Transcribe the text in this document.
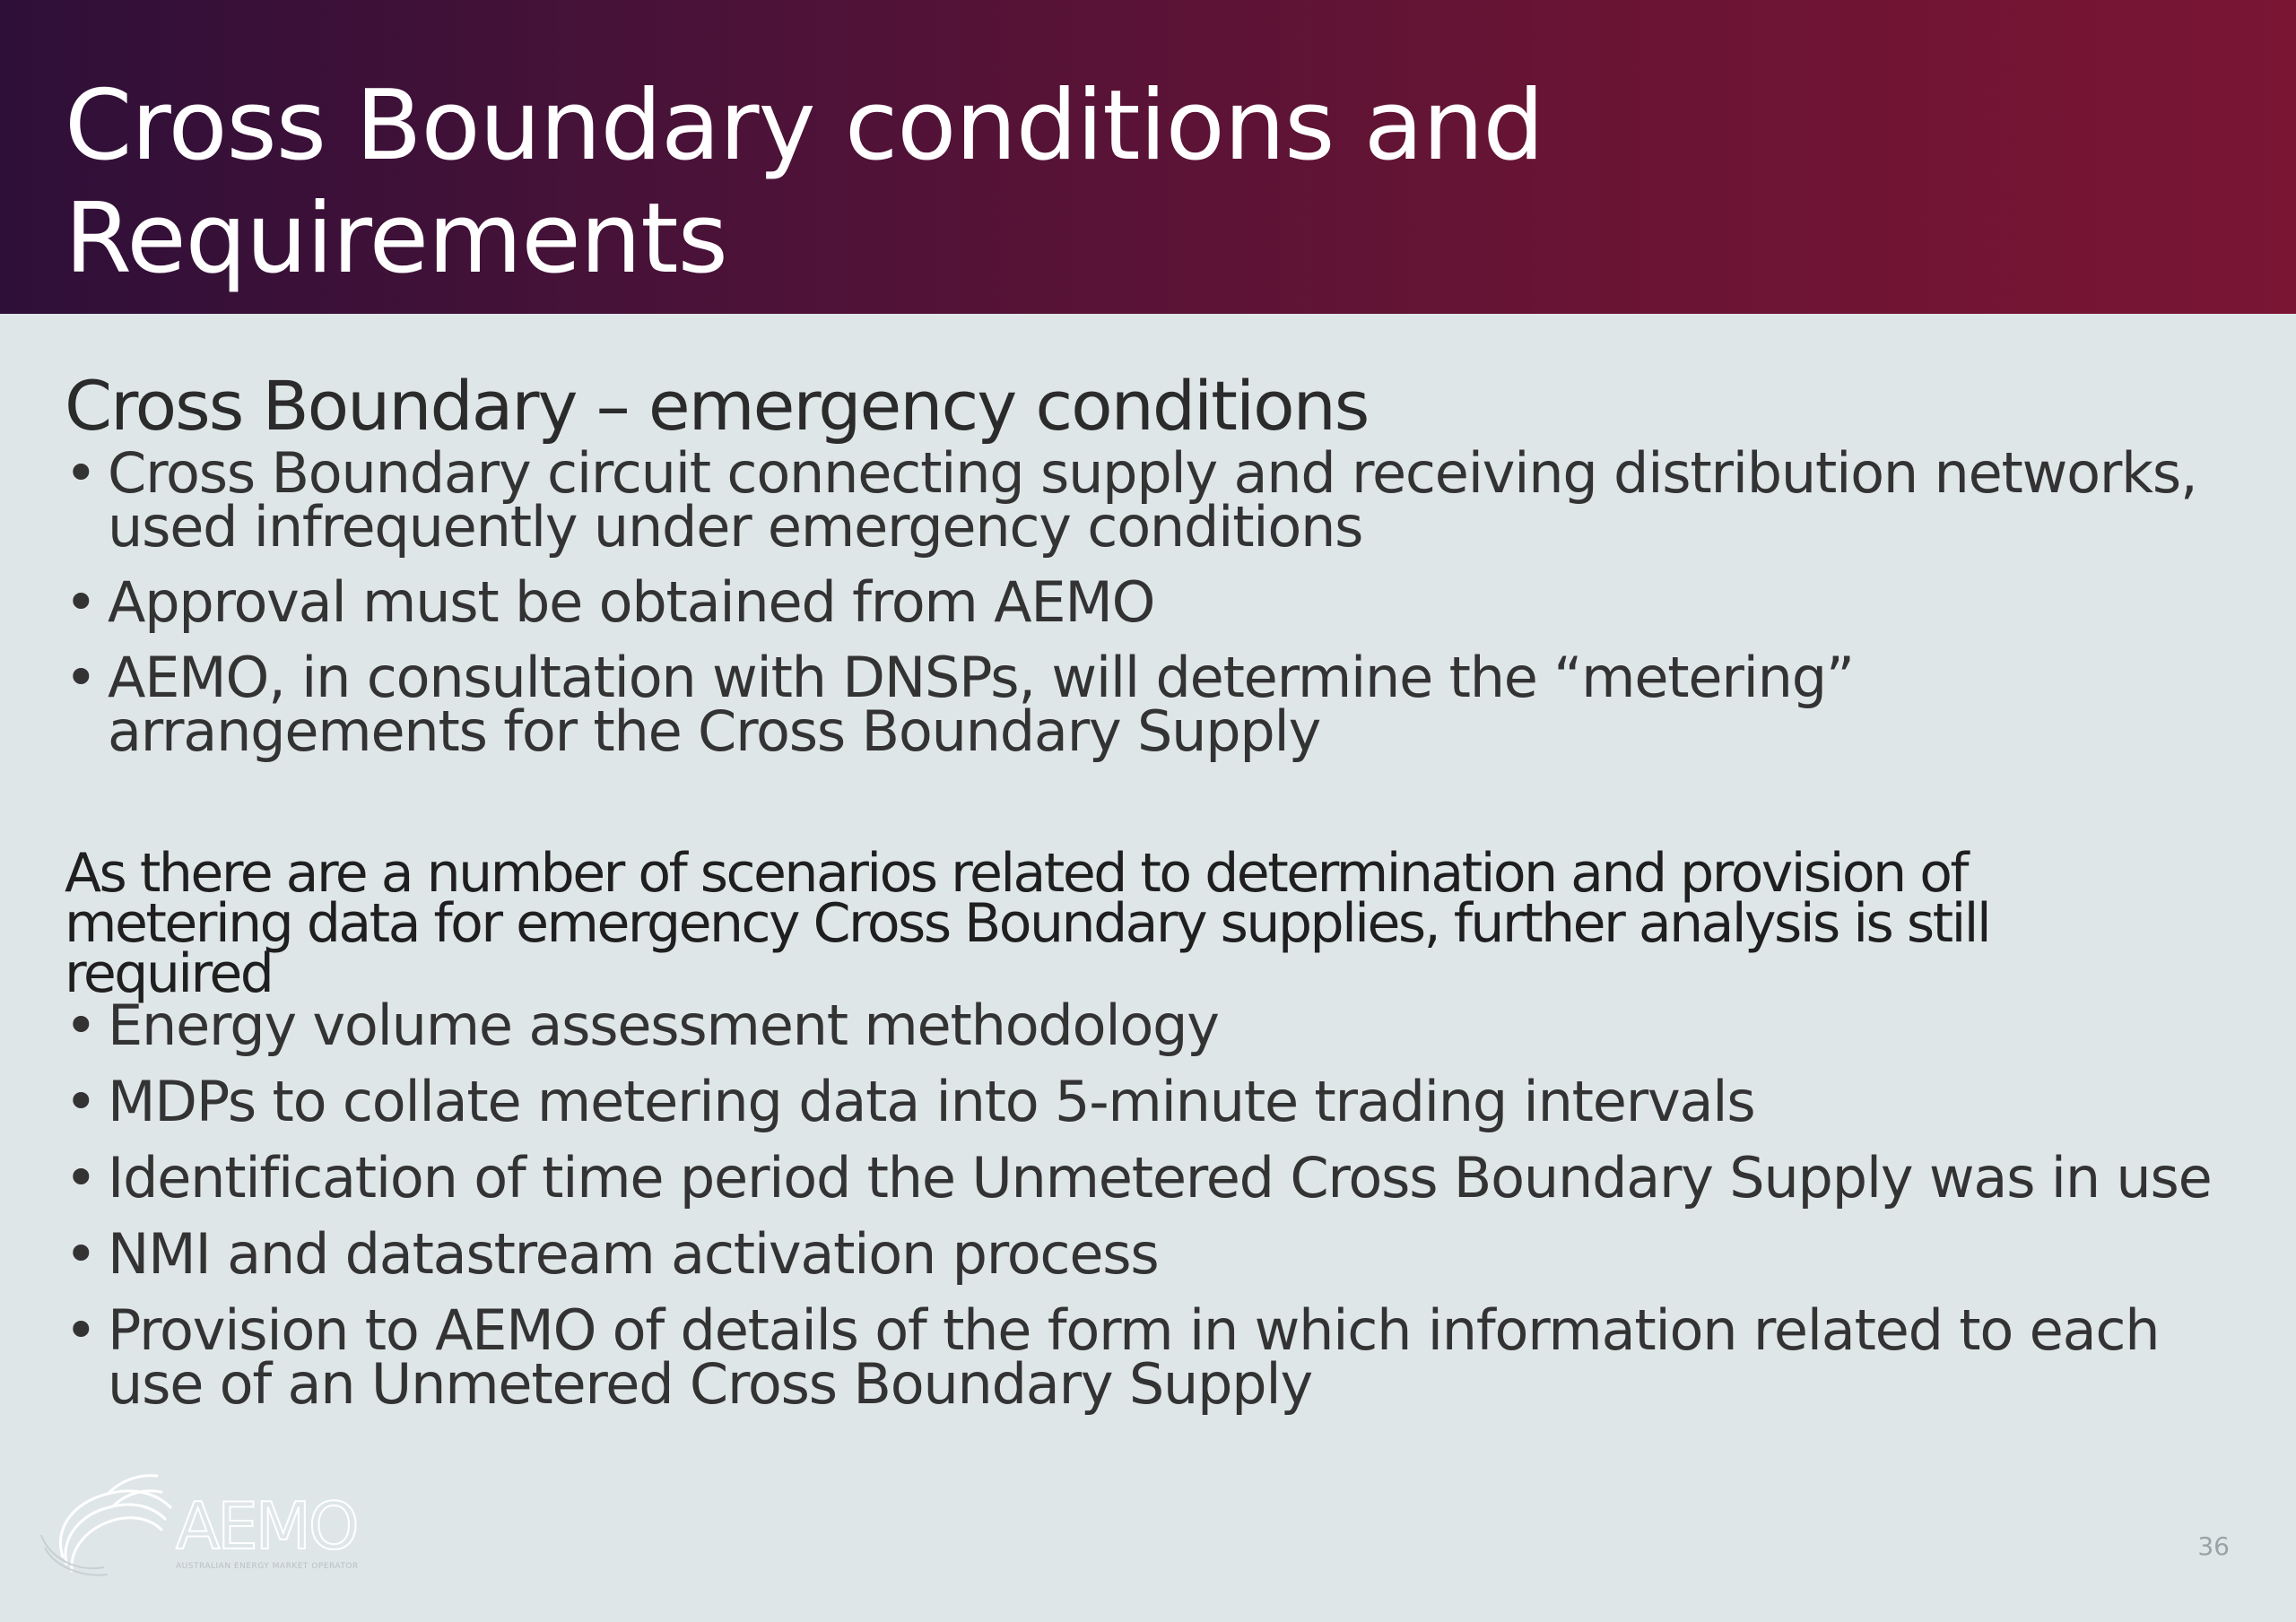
Cross Boundary conditions and
Requirements
Cross Boundary – emergency conditions
• Cross Boundary circuit connecting supply and receiving distribution networks, used infrequently under emergency conditions
• Approval must be obtained from AEMO
• AEMO, in consultation with DNSPs, will determine the “metering” arrangements for the Cross Boundary Supply
As there are a number of scenarios related to determination and provision of metering data for emergency Cross Boundary supplies, further analysis is still required
• Energy volume assessment methodology
• MDPs to collate metering data into 5-minute trading intervals
• Identification of time period the Unmetered Cross Boundary Supply was in use
• NMI and datastream activation process
• Provision to AEMO of details of the form in which information related to each use of an Unmetered Cross Boundary Supply
AEMO
AUSTRALIAN ENERGY MARKET OPERATOR
36
